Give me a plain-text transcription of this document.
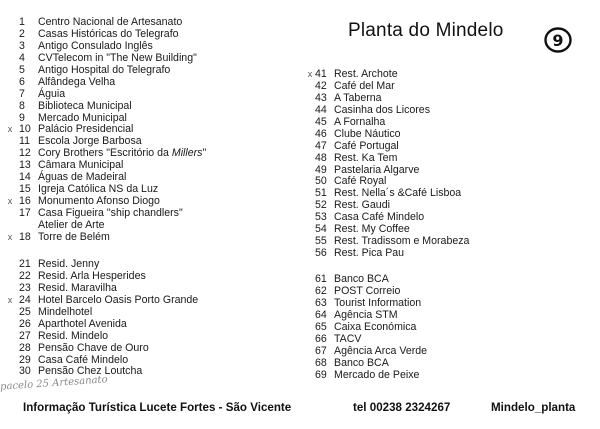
Planta do Mindelo	9
1	Centro Nacional de Artesanato
2	Casas Históricas do Telegrafo
3	Antigo Consulado Inglês
4	CVTelecom in "The New Building"
5	Antigo Hospital do Telegrafo
6	Alfândega Velha
7	Águia
8	Biblioteca Municipal
9	Mercado Municipal
x 10 Palácio Presidencial
11 Escola Jorge Barbosa
12 Cory Brothers "Escritório da Millers"
13 Câmara Municipal
14 Águas de Madeiral
15 Igreja Católica NS da Luz
x 16 Monumento Afonso Diogo
17 Casa Figueira "ship chandlers"
Atelier de Arte
x 18 Torre de Belém
21 Resid. Jenny
22 Resid. Arla Hesperides
23 Resid. Maravilha
x 24 Hotel Barcelo Oasis Porto Grande
25 Mindelhotel
26 Aparthotel Avenida
27 Resid. Mindelo
28 Pensão Chave de Ouro
29 Casa Café Mindelo
30 Pensão Chez Loutcha
x 41 Rest. Archote
42 Café del Mar
43 A Taberna
44 Casinha dos Licores
45 A Fornalha
46 Clube Náutico
47 Café Portugal
48 Rest. Ka Tem
49 Pastelaria Algarve
50 Café Royal
51 Rest. Nella´s &Café Lisboa
52 Rest. Gaudi
53 Casa Café Mindelo
54 Rest. My Coffee
55 Rest. Tradissom e Morabeza
56 Rest. Pica Pau
61 Banco BCA
62 POST Correio
63 Tourist Information
64 Agência STM
65 Caixa Económica
66 TACV
67 Agência Arca Verde
68 Banco BCA
69 Mercado de Peixe
pacelo 25 Artesanato
Informação Turística Lucete Fortes - São Vicente	tel 00238 2324267	Mindelo_planta
